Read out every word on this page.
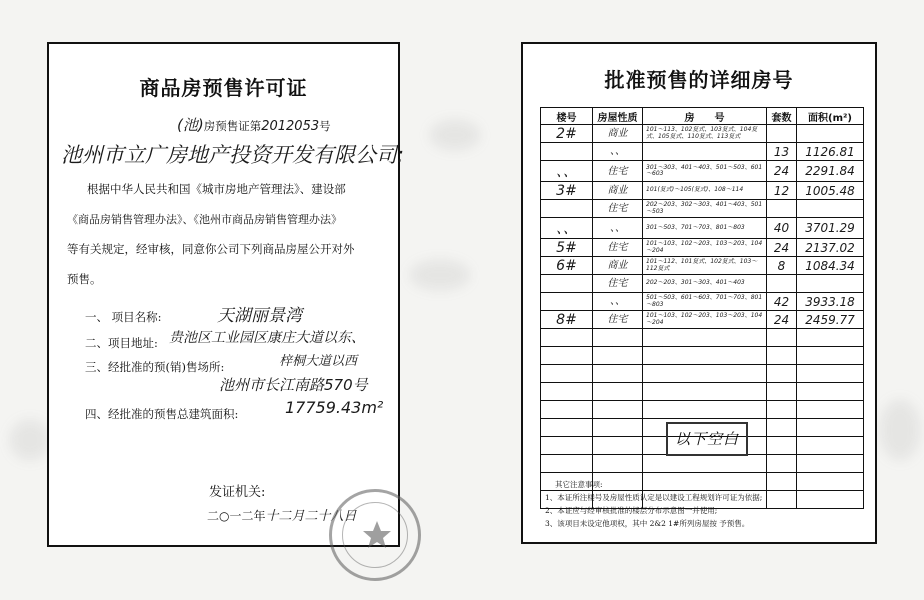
商品房预售许可证
(池)房预售证第2012053号
池州市立广房地产投资开发有限公司:
根据中华人民共和国《城市房地产管理法》、建设部
《商品房销售管理办法》、《池州市商品房销售管理办法》
等有关规定，经审核，同意你公司下列商品房屋公开对外
预售。
一、 项目名称:	天湖丽景湾
二、项目地址: 贵池区工业园区康庄大道以东、
三、经批准的预(销)售场所:	梓桐大道以西
池州市长江南路570号
四、经批准的预售总建筑面积:	17759.43m²
发证机关:
二○一二年十二月二十八日
批准预售的详细房号
楼号	房屋性质	房　　号	套数	面积(m²)
2#	商业	101～113、102复式、103复式、104复式、105复式、110复式、113复式		
	、、		13	1126.81
、、	住宅	301～303、401～403、501～503、601～603	24	2291.84
3#	商业	101(复式)～105(复式)、108～114	12	1005.48
	住宅	202～203、302～303、401～403、501～503		
、、	、、	301～503、701～703、801～803	40	3701.29
5#	住宅	101～103、102～203、103～203、104～204	24	2137.02
6#	商业	101～112、101复式、102复式、103～112复式	8	1084.34
	住宅	202～203、301～303、401～403		
	、、	501～503、601～603、701～703、801～803	42	3933.18
8#	住宅	101～103、102～203、103～203、104～204	24	2459.77

以下空白
其它注意事项:
1、本证所注楼号及房屋性质认定是以建设工程规划许可证为依据;
2、本证应与经审核批准的楼层分布示意图一并使用;
3、该项目未设定他项权，其中 2&2 1#所列房屋按 予预售。
